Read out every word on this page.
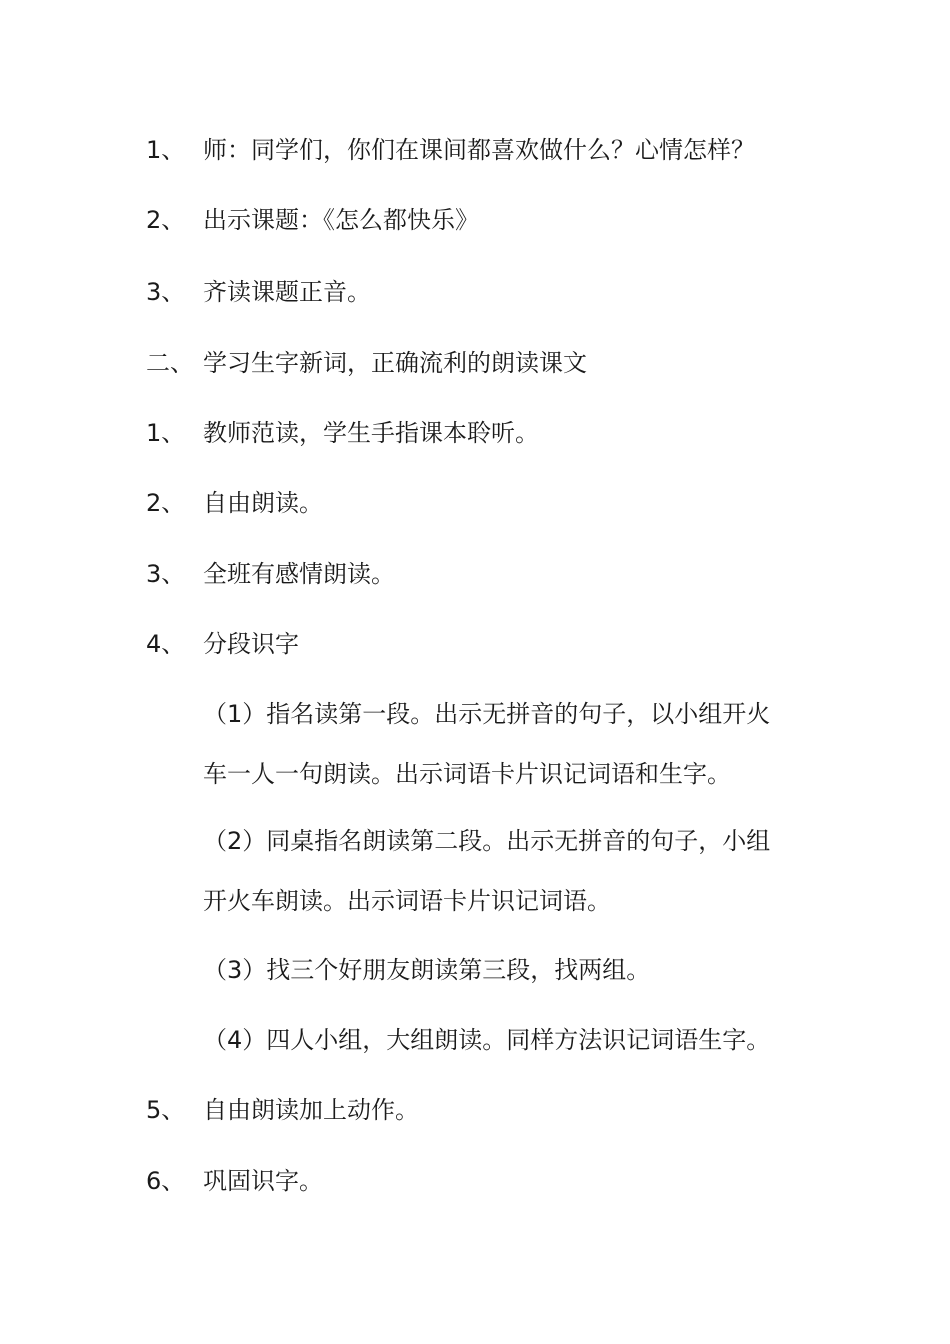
1、 师：同学们，你们在课间都喜欢做什么？心情怎样？
2、 出示课题：《怎么都快乐》
3、 齐读课题正音。
二、 学习生字新词，正确流利的朗读课文
1、 教师范读，学生手指课本聆听。
2、 自由朗读。
3、 全班有感情朗读。
4、 分段识字
（1）指名读第一段。出示无拼音的句子，以小组开火
车一人一句朗读。出示词语卡片识记词语和生字。
（2）同桌指名朗读第二段。出示无拼音的句子，小组
开火车朗读。出示词语卡片识记词语。
（3）找三个好朋友朗读第三段，找两组。
（4）四人小组，大组朗读。同样方法识记词语生字。
5、 自由朗读加上动作。
6、 巩固识字。
